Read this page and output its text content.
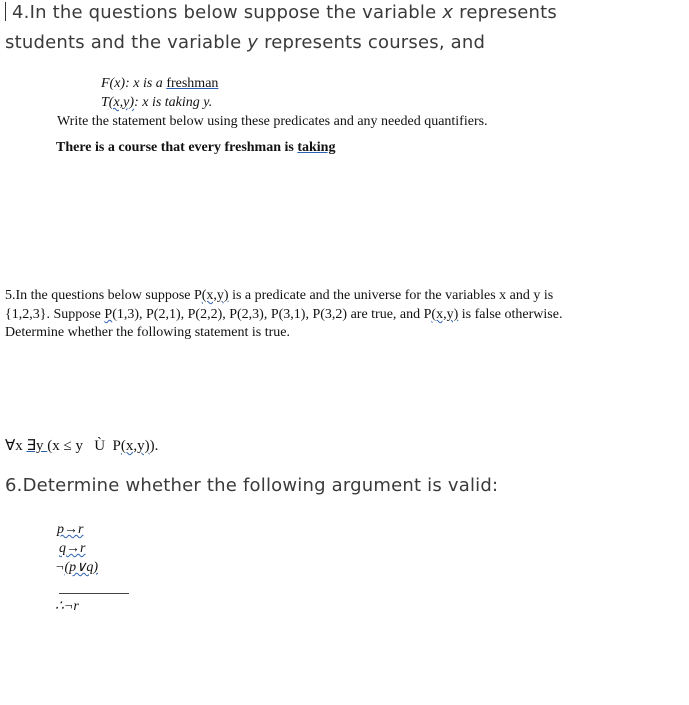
4.In the questions below suppose the variable x represents
students and the variable y represents courses, and
F(x): x is a freshman
T(x,y): x is taking y.
Write the statement below using these predicates and any needed quantifiers.
There is a course that every freshman is taking
5.In the questions below suppose P(x,y) is a predicate and the universe for the variables x and y is
{1,2,3}. Suppose P(1,3), P(2,1), P(2,2), P(2,3), P(3,1), P(3,2) are true, and P(x,y) is false otherwise.
Determine whether the following statement is true.
∀x ∃y (x ≤ y   Ù  P(x,y)).
6.Determine whether the following argument is valid:
p→r
q→r
¬(p∨q)
∴¬r
